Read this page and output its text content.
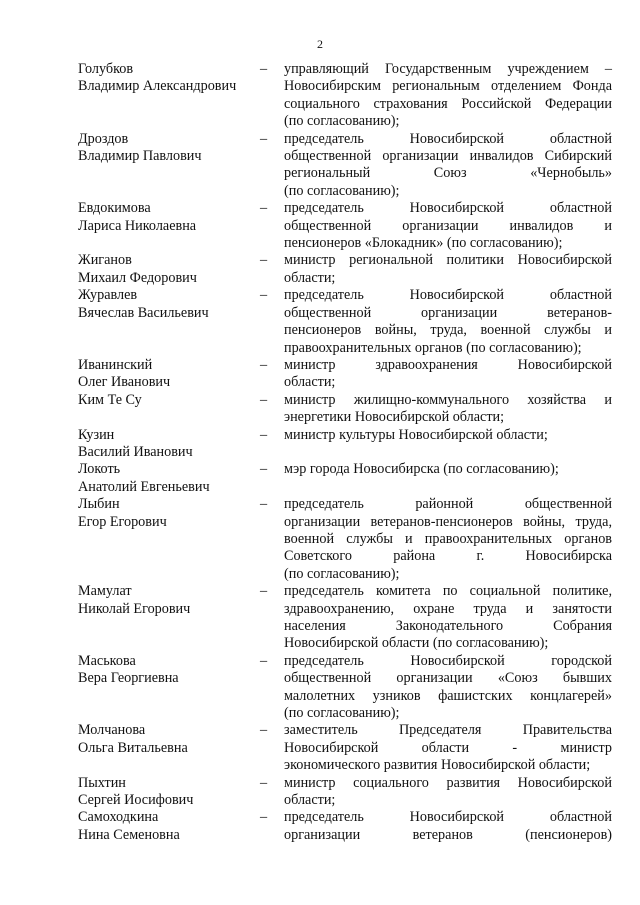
2
Голубков
Владимир Александрович
–	управляющий Государственным учреждением –
Новосибирским региональным отделением Фонда
социального страхования Российской Федерации
(по согласованию);
Дроздов
Владимир Павлович
–	председатель Новосибирской областной
общественной организации инвалидов Сибирский
региональный Союз «Чернобыль»
(по согласованию);
Евдокимова
Лариса Николаевна
–	председатель Новосибирской областной
общественной организации инвалидов и
пенсионеров «Блокадник» (по согласованию);
Жиганов
Михаил Федорович
–	министр региональной политики Новосибирской
области;
Журавлев
Вячеслав Васильевич
–	председатель Новосибирской областной
общественной организации ветеранов-
пенсионеров войны, труда, военной службы и
правоохранительных органов (по согласованию);
Иванинский
Олег Иванович
–	министр здравоохранения Новосибирской
области;
Ким Те Су	–	министр жилищно-коммунального хозяйства и
энергетики Новосибирской области;
Кузин
Василий Иванович
–	министр культуры Новосибирской области;
Локоть
Анатолий Евгеньевич
–	мэр города Новосибирска (по согласованию);
Лыбин
Егор Егорович
–	председатель районной общественной
организации ветеранов-пенсионеров войны, труда,
военной службы и правоохранительных органов
Советского района г. Новосибирска
(по согласованию);
Мамулат
Николай Егорович
–	председатель комитета по социальной политике,
здравоохранению, охране труда и занятости
населения Законодательного Собрания
Новосибирской области (по согласованию);
Маськова
Вера Георгиевна
–	председатель Новосибирской городской
общественной организации «Союз бывших
малолетних узников фашистских концлагерей»
(по согласованию);
Молчанова
Ольга Витальевна
–	заместитель Председателя Правительства
Новосибирской области - министр
экономического развития Новосибирской области;
Пыхтин
Сергей Иосифович
–	министр социального развития Новосибирской
области;
Самоходкина
Нина Семеновна
–	председатель Новосибирской областной
организации ветеранов (пенсионеров)
